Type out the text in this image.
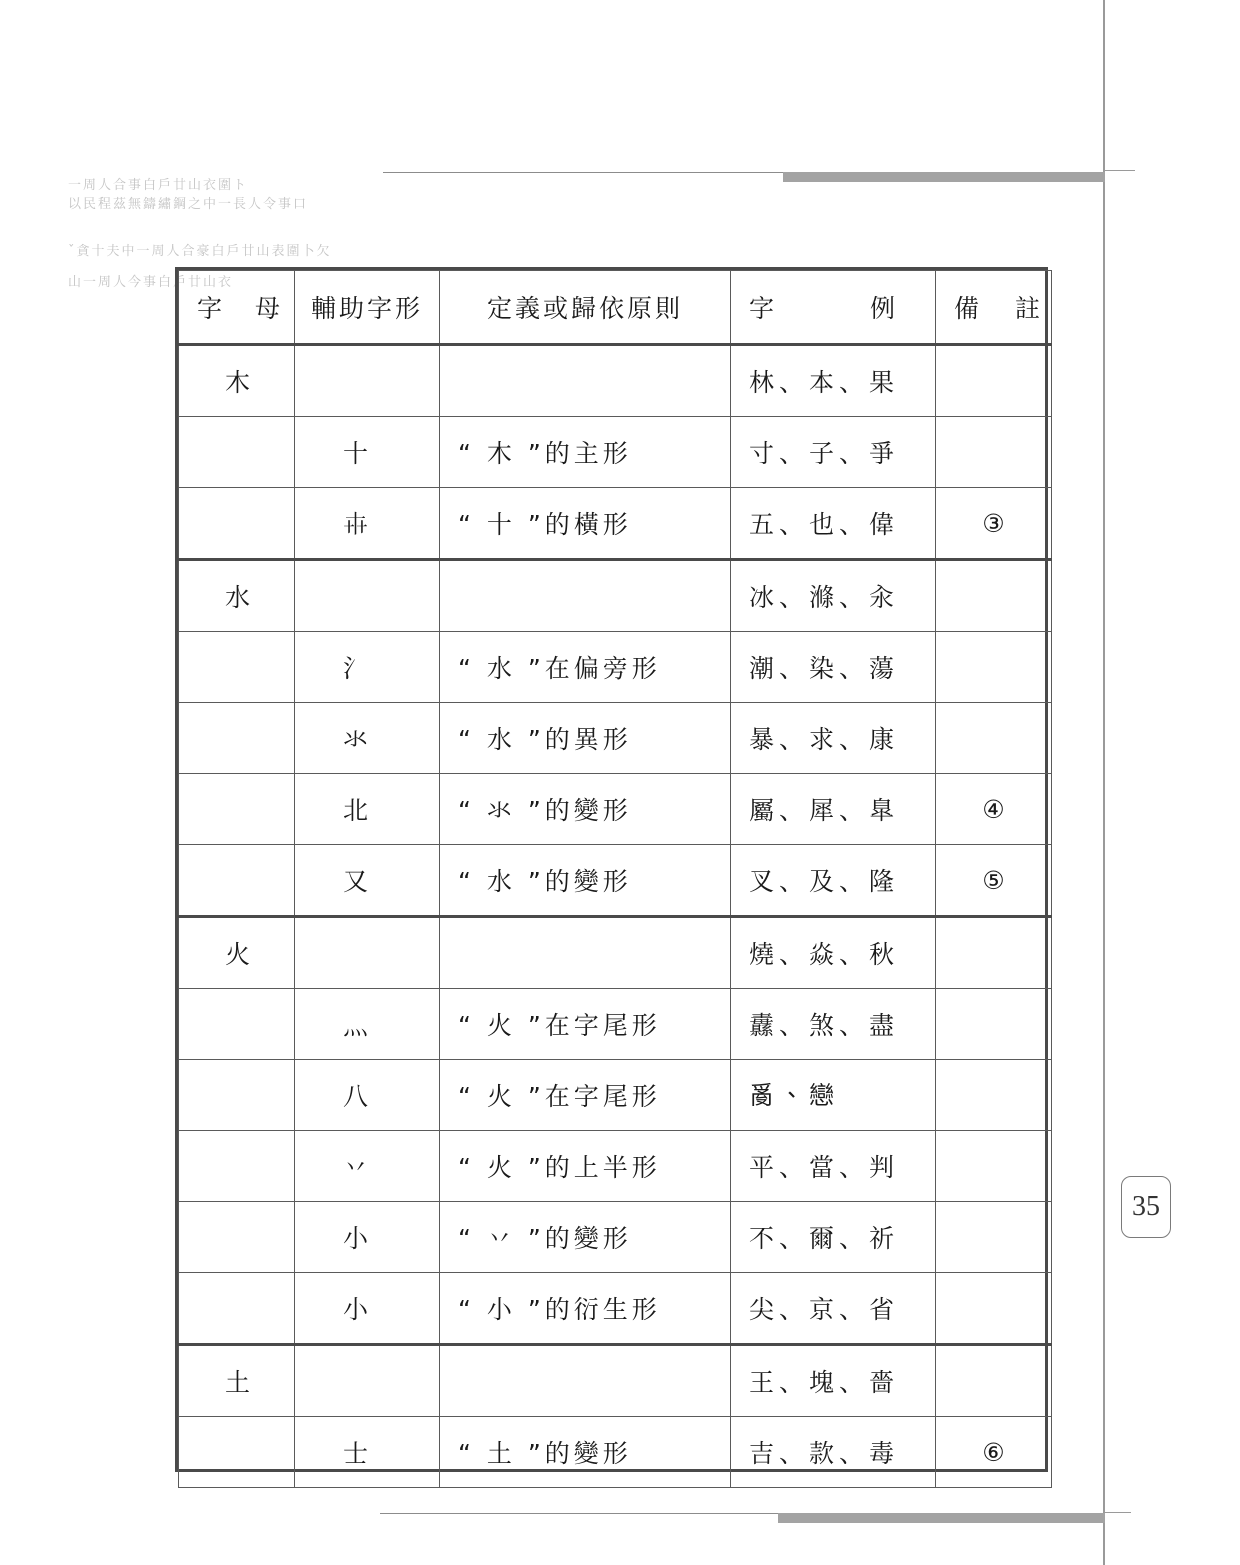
一周人合事白戶廿山衣圍ト
以民程茲無鑄繡鋼之中一長人令事口
ˇ貪十夫中一周人合豪白戶廿山表圍卜欠
山一周人今事白戶廿山衣
字　母	輔助字形	定義或歸依原則	字 例	備 註
木			林、本、果	
	十	“ 木 ”的主形	寸、子、爭	
	𠦃	“ 十 ”的橫形	五、也、偉	③
水			冰、滌、汆	
	氵	“ 水 ”在偏旁形	潮、染、蕩	
	氺	“ 水 ”的異形	暴、求、康	
	北	“ 氺 ”的變形	屬、犀、臯	④
	又	“ 水 ”的變形	叉、及、隆	⑤
火			燒、焱、秋	
	灬	“ 火 ”在字尾形	纛、煞、盡	
	八	“ 火 ”在字尾形	𤔔、戀	
	丷	“ 火 ”的上半形	平、當、判	
	小	“ 丷 ”的變形	不、爾、祈	
	小	“ 小 ”的衍生形	尖、京、省	
土			王、塊、嗇	
	士	“ 土 ”的變形	吉、款、毒	⑥
35
